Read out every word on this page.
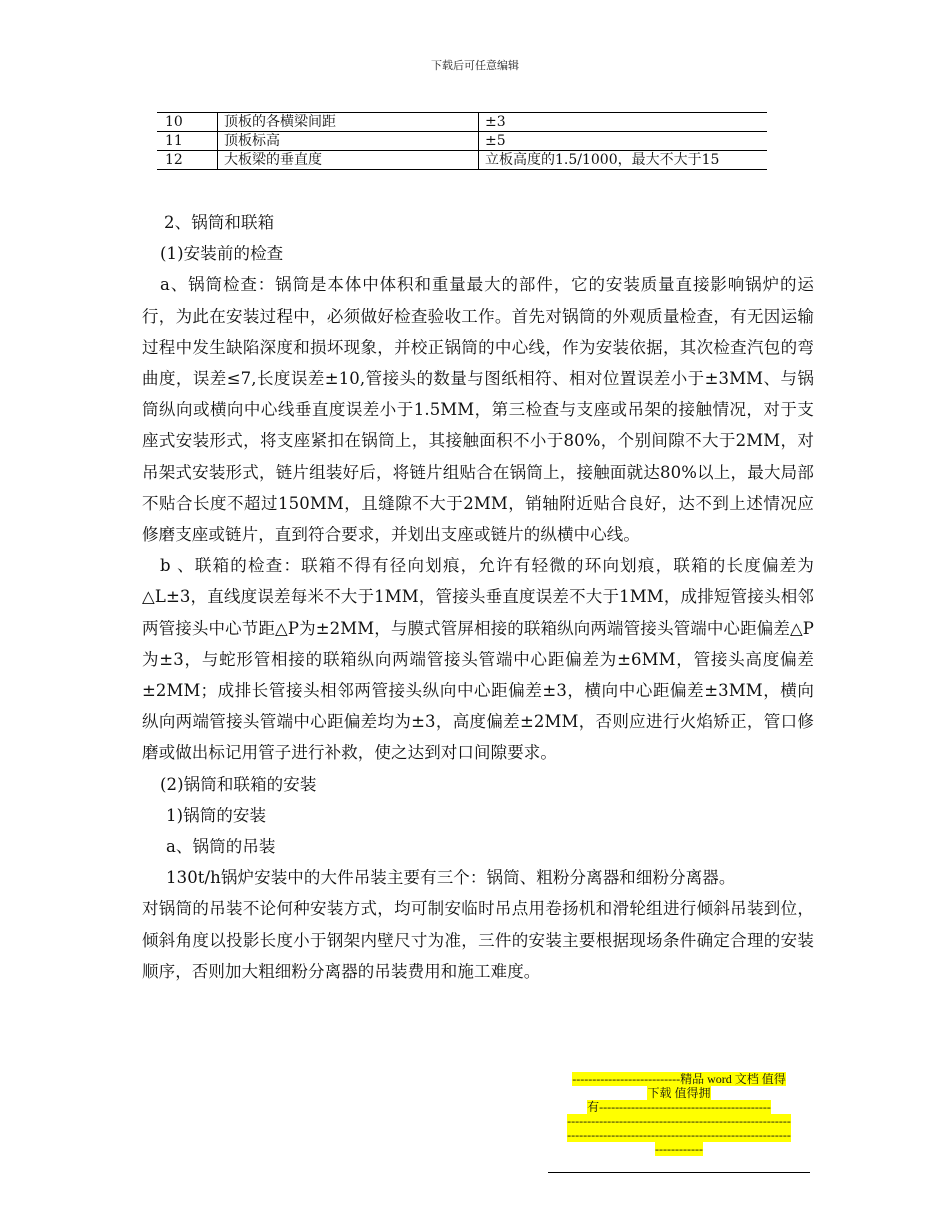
下载后可任意编辑
10	顶板的各横梁间距	±3
11	顶板标高	±5
12	大板梁的垂直度	立板高度的1.5/1000，最大不大于15

2、锅筒和联箱

(1)安装前的检查

a、锅筒检查：锅筒是本体中体积和重量最大的部件，它的安装质量直接影响锅炉的运行，为此在安装过程中，必须做好检查验收工作。首先对锅筒的外观质量检查，有无因运输过程中发生缺陷深度和损坏现象，并校正锅筒的中心线，作为安装依据，其次检查汽包的弯曲度，误差≤7,长度误差±10,管接头的数量与图纸相符、相对位置误差小于±3MM、与锅筒纵向或横向中心线垂直度误差小于1.5MM，第三检查与支座或吊架的接触情况，对于支座式安装形式，将支座紧扣在锅筒上，其接触面积不小于80%，个别间隙不大于2MM，对吊架式安装形式，链片组装好后，将链片组贴合在锅筒上，接触面就达80%以上，最大局部不贴合长度不超过150MM，且缝隙不大于2MM，销轴附近贴合良好，达不到上述情况应修磨支座或链片，直到符合要求，并划出支座或链片的纵横中心线。

b 、联箱的检查：联箱不得有径向划痕，允许有轻微的环向划痕，联箱的长度偏差为△L±3，直线度误差每米不大于1MM，管接头垂直度误差不大于1MM，成排短管接头相邻两管接头中心节距△P为±2MM，与膜式管屏相接的联箱纵向两端管接头管端中心距偏差△P为±3，与蛇形管相接的联箱纵向两端管接头管端中心距偏差为±6MM，管接头高度偏差±2MM；成排长管接头相邻两管接头纵向中心距偏差±3，横向中心距偏差±3MM，横向纵向两端管接头管端中心距偏差均为±3，高度偏差±2MM，否则应进行火焰矫正，管口修磨或做出标记用管子进行补救，使之达到对口间隙要求。

(2)锅筒和联箱的安装

1)锅筒的安装

a、锅筒的吊装

130t/h锅炉安装中的大件吊装主要有三个：锅筒、粗粉分离器和细粉分离器。

对锅筒的吊装不论何种安装方式，均可制安临时吊点用卷扬机和滑轮组进行倾斜吊装到位，倾斜角度以投影长度小于钢架内壁尺寸为准，三件的安装主要根据现场条件确定合理的安装顺序，否则加大粗细粉分离器的吊装费用和施工难度。

---------------------------精品 word 文档 值得
下载 值得拥
有-------------------------------------------
--------------------------------------------------------
--------------------------------------------------------
------------
